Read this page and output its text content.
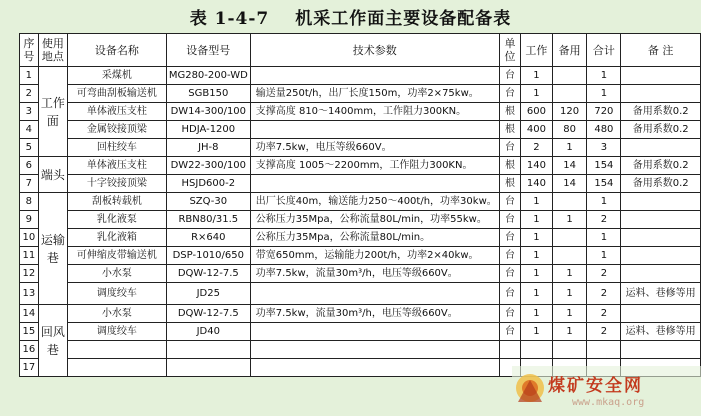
表 1-4-7 机采工作面主要设备配备表
序号	使用地点	设备名称	设备型号	技术参数	单位	工作	备用	合计	备 注
1	工作面	采煤机	MG280-200-WD		台	1		1	
2		可弯曲刮板输送机	SGB150	输送量250t/h，出厂长度150m，功率2×75kw。	台	1		1	
3		单体液压支柱	DW14-300/100	支撑高度 810～1400mm，工作阻力300KN。	根	600	120	720	备用系数0.2
4		金属铰接顶梁	HDJA-1200		根	400	80	480	备用系数0.2
5		回柱绞车	JH-8	功率7.5kw，电压等级660V。	台	2	1	3	
6	端头	单体液压支柱	DW22-300/100	支撑高度 1005～2200mm，工作阻力300KN。	根	140	14	154	备用系数0.2
7		十字铰接顶梁	HSJD600-2		根	140	14	154	备用系数0.2
8	运输巷	刮板转载机	SZQ-30	出厂长度40m，输送能力250～400t/h，功率30kw。	台	1		1	
9		乳化液泵	RBN80/31.5	公称压力35Mpa，公称流量80L/min，功率55kw。	台	1	1	2	
10		乳化液箱	R×640	公称压力35Mpa，公称流量80L/min。	台	1		1	
11		可伸缩皮带输送机	DSP-1010/650	带宽650mm，运输能力200t/h，功率2×40kw。	台	1		1	
12		小水泵	DQW-12-7.5	功率7.5kw，流量30m³/h，电压等级660V。	台	1	1	2	
13		调度绞车	JD25		台	1	1	2	运料、巷修等用
14	回风巷	小水泵	DQW-12-7.5	功率7.5kw，流量30m³/h，电压等级660V。	台	1	1	2	
15		调度绞车	JD40		台	1	1	2	运料、巷修等用
16									
17									
煤矿安全网
www.mkaq.org
